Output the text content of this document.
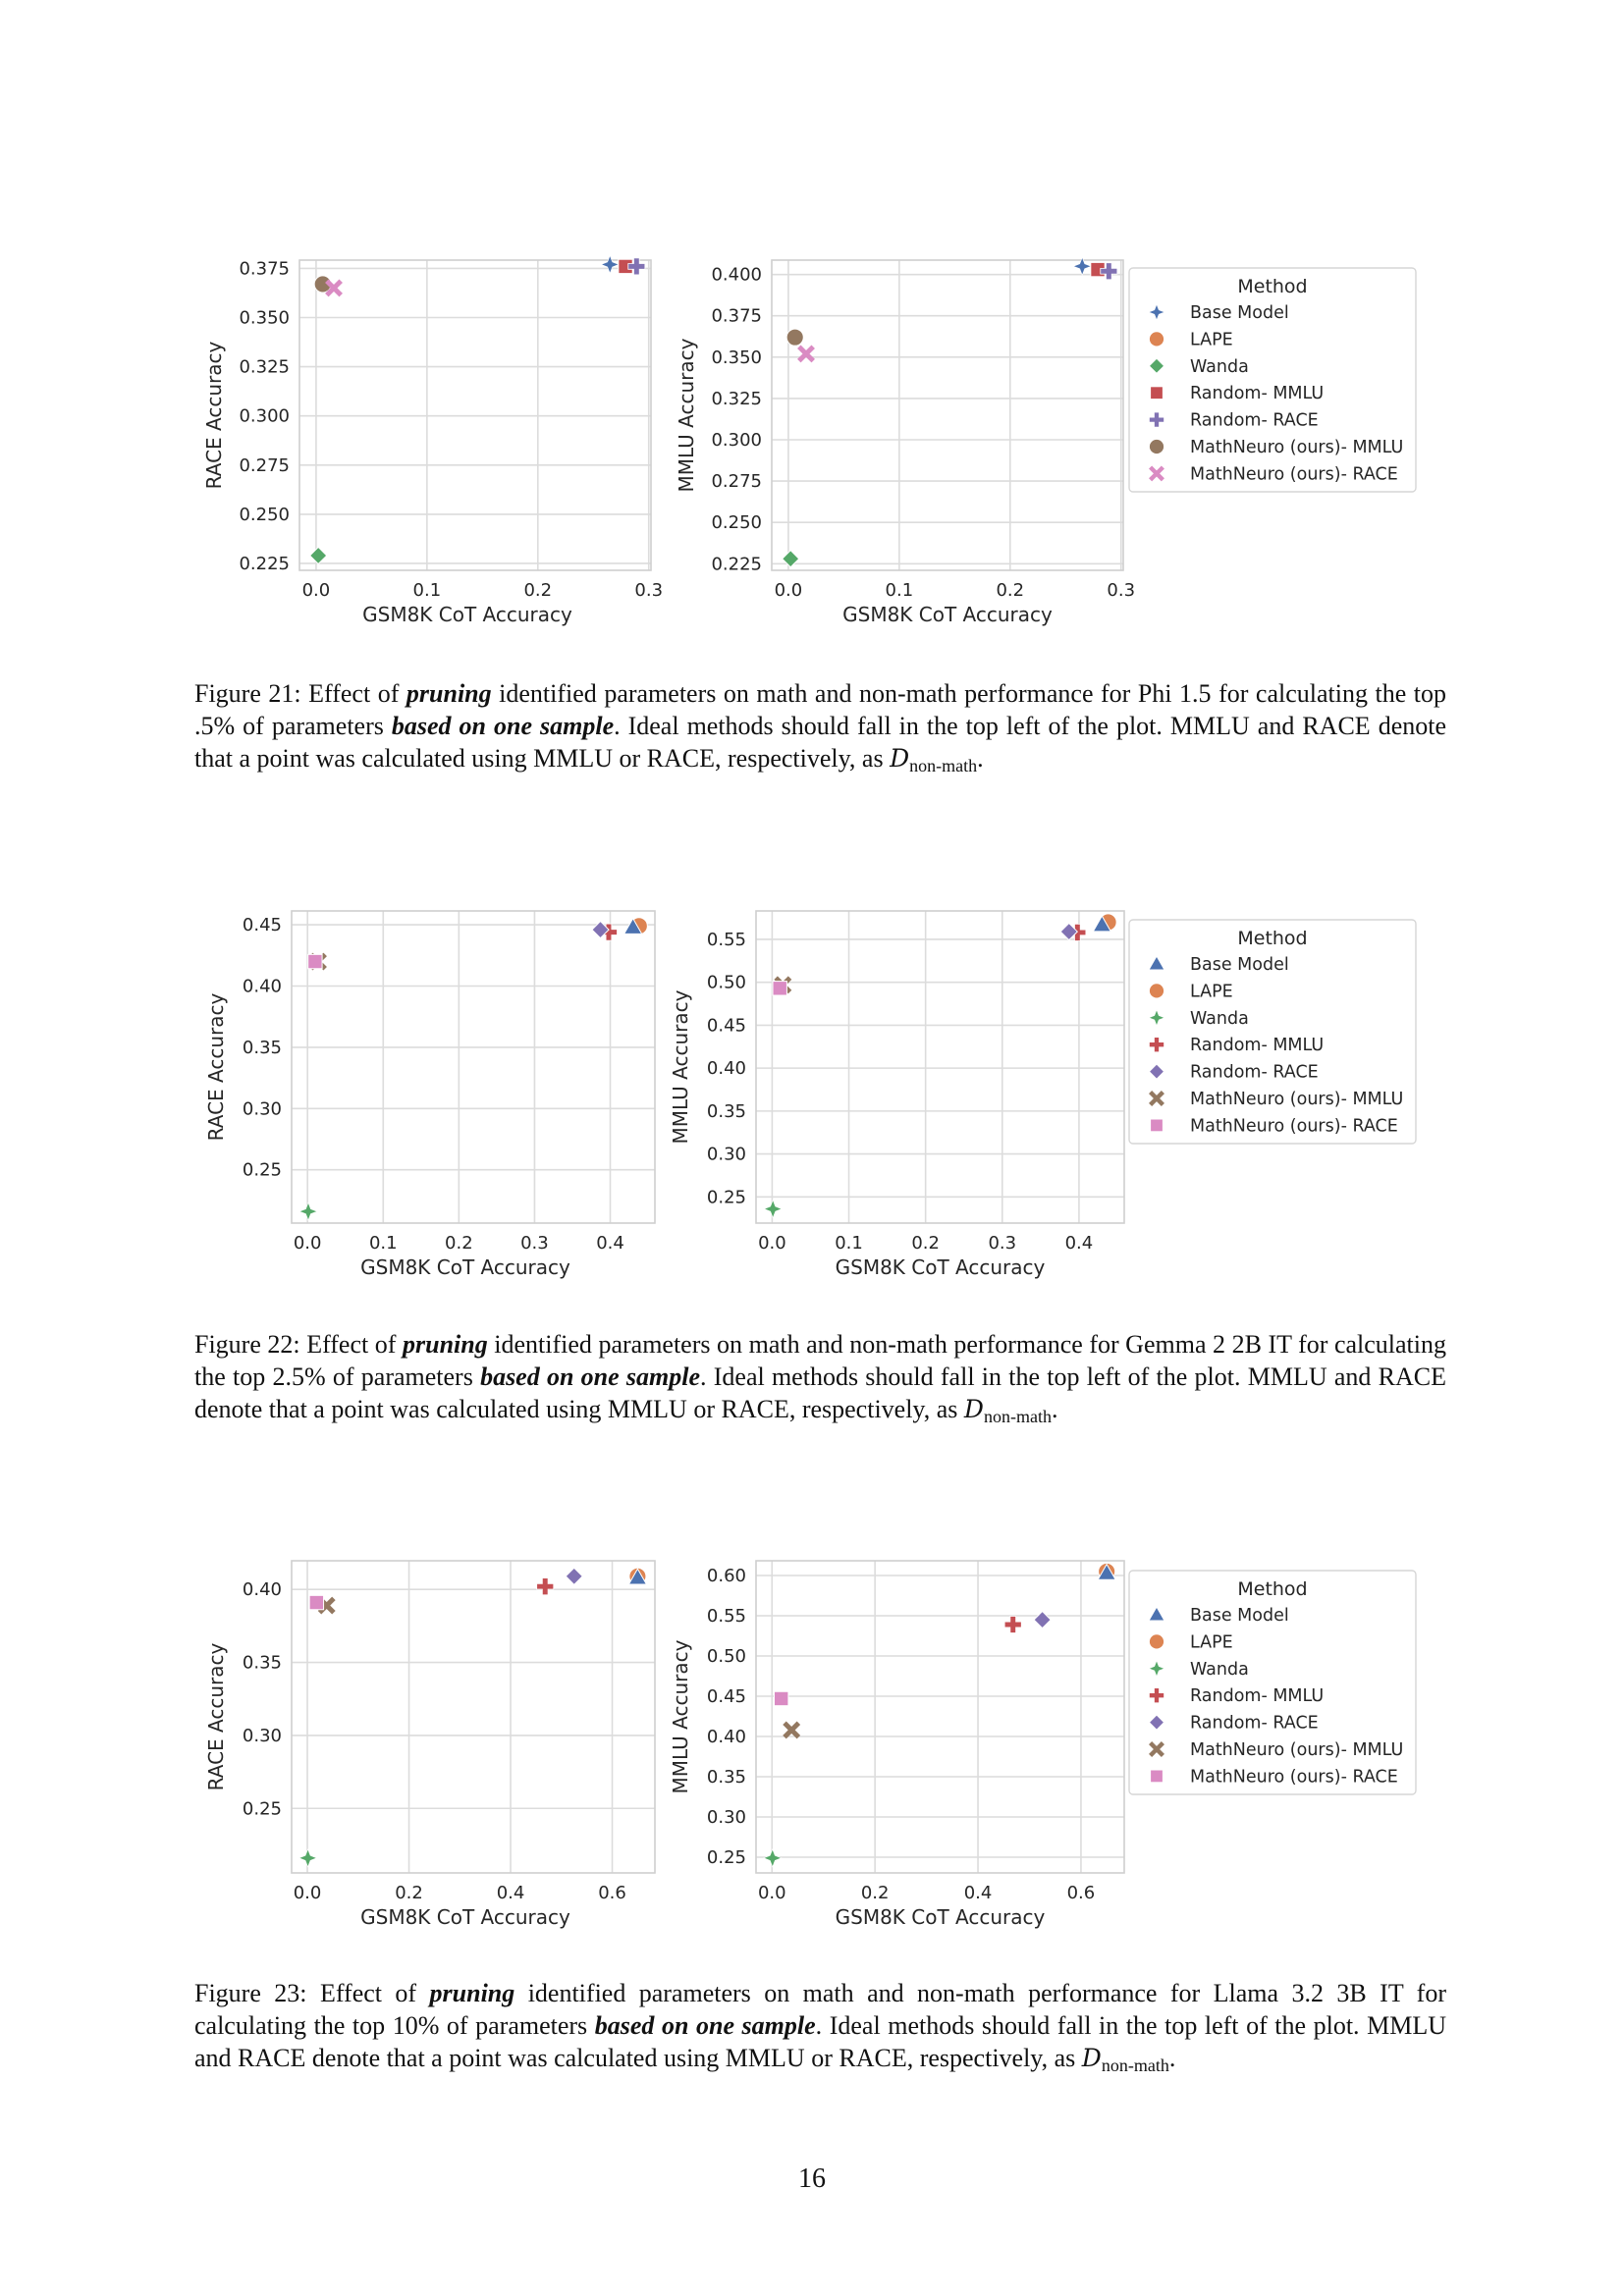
0.0	0.1	0.2	0.3
0.225
0.250
0.275
0.300
0.325
0.350
0.375
GSM8K CoT Accuracy
RACE Accuracy
0.0	0.1	0.2	0.3
0.225
0.250
0.275
0.300
0.325
0.350
0.375
0.400
GSM8K CoT Accuracy
MMLU Accuracy
Method
Base Model
LAPE
Wanda
Random- MMLU
Random- RACE
MathNeuro (ours)- MMLU
MathNeuro (ours)- RACE
Figure 21: Effect of pruning identified parameters on math and non-math performance for Phi 1.5 for calculating the top .5% of parameters based on one sample. Ideal methods should fall in the top left of the plot. MMLU and RACE denote that a point was calculated using MMLU or RACE, respectively, as Dnon-math.
0.0	0.1	0.2	0.3	0.4
0.25
0.30
0.35
0.40
0.45
GSM8K CoT Accuracy
RACE Accuracy
0.0	0.1	0.2	0.3	0.4
0.25
0.30
0.35
0.40
0.45
0.50
0.55
GSM8K CoT Accuracy
MMLU Accuracy
Method
Base Model
LAPE
Wanda
Random- MMLU
Random- RACE
MathNeuro (ours)- MMLU
MathNeuro (ours)- RACE
Figure 22: Effect of pruning identified parameters on math and non-math performance for Gemma 2 2B IT for calculating the top 2.5% of parameters based on one sample. Ideal methods should fall in the top left of the plot. MMLU and RACE denote that a point was calculated using MMLU or RACE, respectively, as Dnon-math.
0.0	0.2	0.4	0.6
0.25
0.30
0.35
0.40
GSM8K CoT Accuracy
RACE Accuracy
0.0	0.2	0.4	0.6
0.25
0.30
0.35
0.40
0.45
0.50
0.55
0.60
GSM8K CoT Accuracy
MMLU Accuracy
Method
Base Model
LAPE
Wanda
Random- MMLU
Random- RACE
MathNeuro (ours)- MMLU
MathNeuro (ours)- RACE
Figure 23: Effect of pruning identified parameters on math and non-math performance for Llama 3.2 3B IT for calculating the top 10% of parameters based on one sample. Ideal methods should fall in the top left of the plot. MMLU and RACE denote that a point was calculated using MMLU or RACE, respectively, as Dnon-math.
16
